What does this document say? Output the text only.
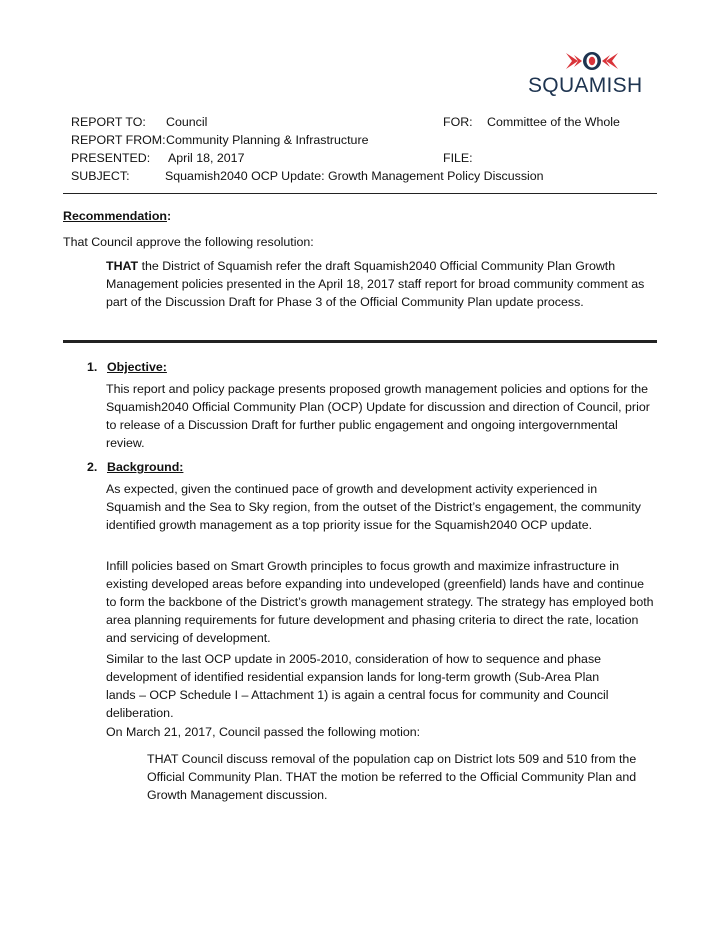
SQUAMISH
REPORT TO: Council	FOR: Committee of the Whole
REPORT FROM: Community Planning & Infrastructure
PRESENTED: April 18, 2017	FILE:
SUBJECT:	Squamish2040 OCP Update: Growth Management Policy Discussion
Recommendation:
That Council approve the following resolution:

THAT the District of Squamish refer the draft Squamish2040 Official Community Plan Growth Management policies presented in the April 18, 2017 staff report for broad community comment as part of the Discussion Draft for Phase 3 of the Official Community Plan update process.

1. Objective:

This report and policy package presents proposed growth management policies and options for the Squamish2040 Official Community Plan (OCP) Update for discussion and direction of Council, prior to release of a Discussion Draft for further public engagement and ongoing intergovernmental review.

2. Background:

As expected, given the continued pace of growth and development activity experienced in Squamish and the Sea to Sky region, from the outset of the District’s engagement, the community identified growth management as a top priority issue for the Squamish2040 OCP update.

Infill policies based on Smart Growth principles to focus growth and maximize infrastructure in existing developed areas before expanding into undeveloped (greenfield) lands have and continue to form the backbone of the District’s growth management strategy. The strategy has employed both area planning requirements for future development and phasing criteria to direct the rate, location and servicing of development.

Similar to the last OCP update in 2005-2010, consideration of how to sequence and phase development of identified residential expansion lands for long-term growth (Sub-Area Plan lands – OCP Schedule I – Attachment 1) is again a central focus for community and Council deliberation.

On March 21, 2017, Council passed the following motion:

THAT Council discuss removal of the population cap on District lots 509 and 510 from the Official Community Plan. THAT the motion be referred to the Official Community Plan and Growth Management discussion.
